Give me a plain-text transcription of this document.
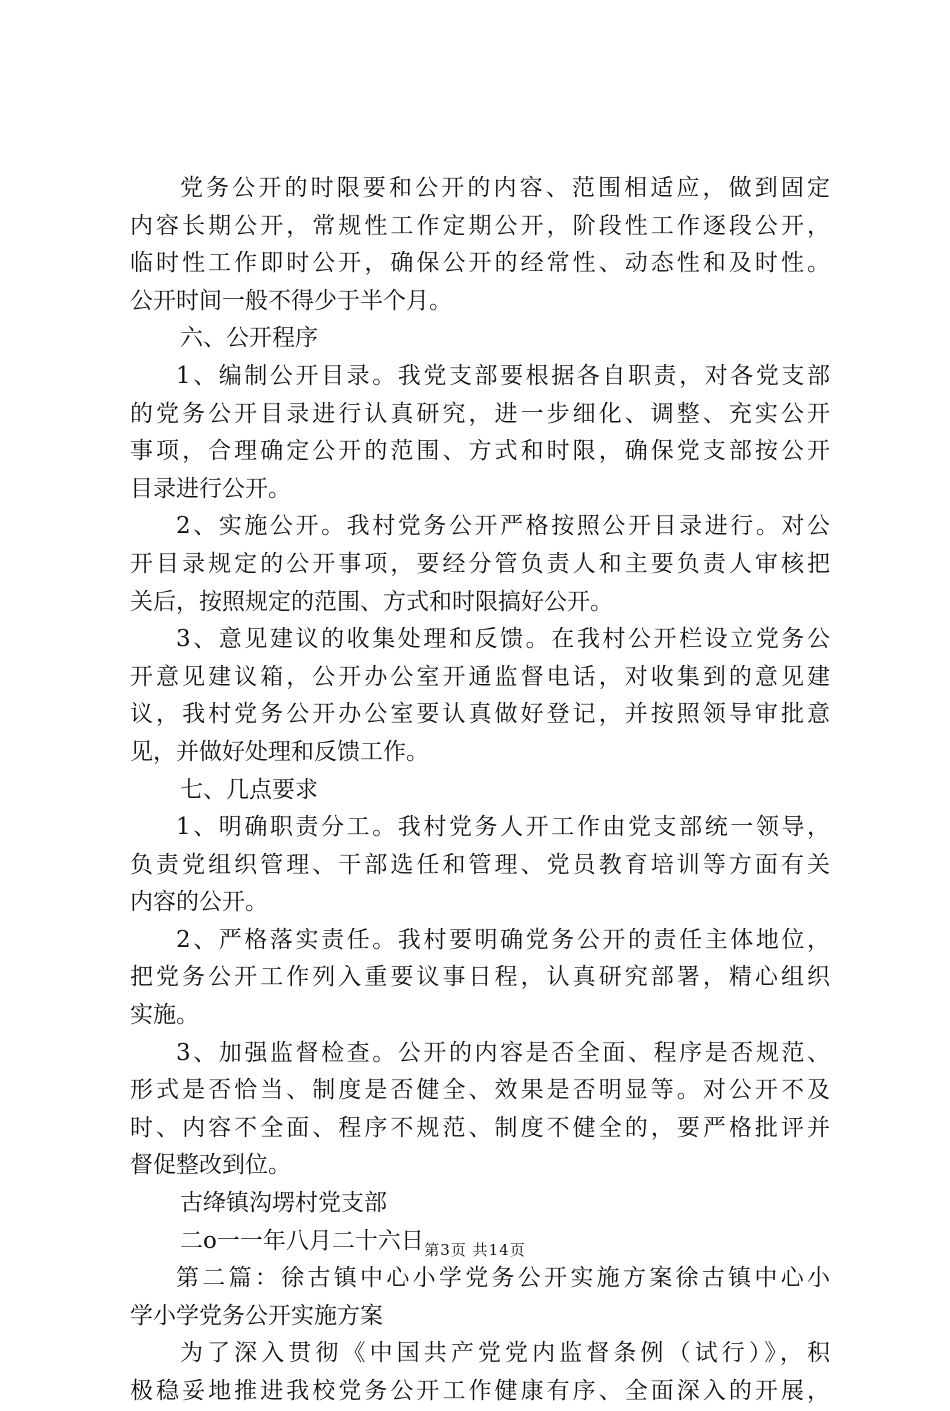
党务公开的时限要和公开的内容、范围相适应，做到固定
内容长期公开，常规性工作定期公开，阶段性工作逐段公开，
临时性工作即时公开，确保公开的经常性、动态性和及时性。
公开时间一般不得少于半个月。
六、公开程序
1、编制公开目录。我党支部要根据各自职责，对各党支部
的党务公开目录进行认真研究，进一步细化、调整、充实公开
事项，合理确定公开的范围、方式和时限，确保党支部按公开
目录进行公开。
2、实施公开。我村党务公开严格按照公开目录进行。对公
开目录规定的公开事项，要经分管负责人和主要负责人审核把
关后，按照规定的范围、方式和时限搞好公开。
3、意见建议的收集处理和反馈。在我村公开栏设立党务公
开意见建议箱，公开办公室开通监督电话，对收集到的意见建
议，我村党务公开办公室要认真做好登记，并按照领导审批意
见，并做好处理和反馈工作。
七、几点要求
1、明确职责分工。我村党务人开工作由党支部统一领导，
负责党组织管理、干部选任和管理、党员教育培训等方面有关
内容的公开。
2、严格落实责任。我村要明确党务公开的责任主体地位，
把党务公开工作列入重要议事日程，认真研究部署，精心组织
实施。
3、加强监督检查。公开的内容是否全面、程序是否规范、
形式是否恰当、制度是否健全、效果是否明显等。对公开不及
时、内容不全面、程序不规范、制度不健全的，要严格批评并
督促整改到位。
古绛镇沟塄村党支部
二o一一年八月二十六日
第二篇：徐古镇中心小学党务公开实施方案徐古镇中心小
学小学党务公开实施方案
为了深入贯彻《中国共产党党内监督条例（试行）》，积
极稳妥地推进我校党务公开工作健康有序、全面深入的开展，
第3页 共14页
